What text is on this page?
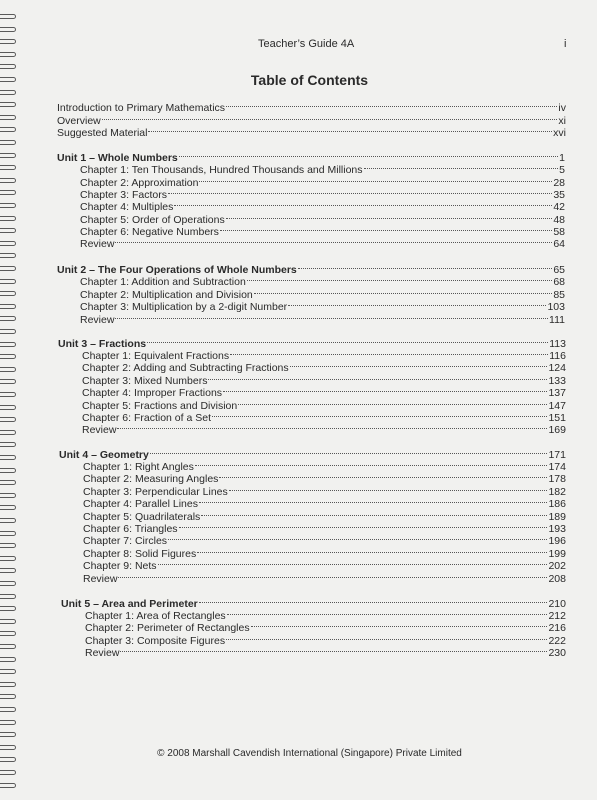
Teacher’s Guide 4A	i
Table of Contents
Introduction to Primary Mathematics	iv
Overview	xi
Suggested Material	xvi
Unit 1 – Whole Numbers	1
Chapter 1: Ten Thousands, Hundred Thousands and Millions	5
Chapter 2: Approximation	28
Chapter 3: Factors	35
Chapter 4: Multiples	42
Chapter 5: Order of Operations	48
Chapter 6: Negative Numbers	58
Review	64
Unit 2 – The Four Operations of Whole Numbers	65
Chapter 1: Addition and Subtraction	68
Chapter 2: Multiplication and Division	85
Chapter 3: Multiplication by a 2-digit Number	103
Review	111
Unit 3 – Fractions	113
Chapter 1: Equivalent Fractions	116
Chapter 2: Adding and Subtracting Fractions	124
Chapter 3: Mixed Numbers	133
Chapter 4: Improper Fractions	137
Chapter 5: Fractions and Division	147
Chapter 6: Fraction of a Set	151
Review	169
Unit 4 – Geometry	171
Chapter 1: Right Angles	174
Chapter 2: Measuring Angles	178
Chapter 3: Perpendicular Lines	182
Chapter 4: Parallel Lines	186
Chapter 5: Quadrilaterals	189
Chapter 6: Triangles	193
Chapter 7: Circles	196
Chapter 8: Solid Figures	199
Chapter 9: Nets	202
Review	208
Unit 5 – Area and Perimeter	210
Chapter 1: Area of Rectangles	212
Chapter 2: Perimeter of Rectangles	216
Chapter 3: Composite Figures	222
Review	230
© 2008 Marshall Cavendish International (Singapore) Private Limited
